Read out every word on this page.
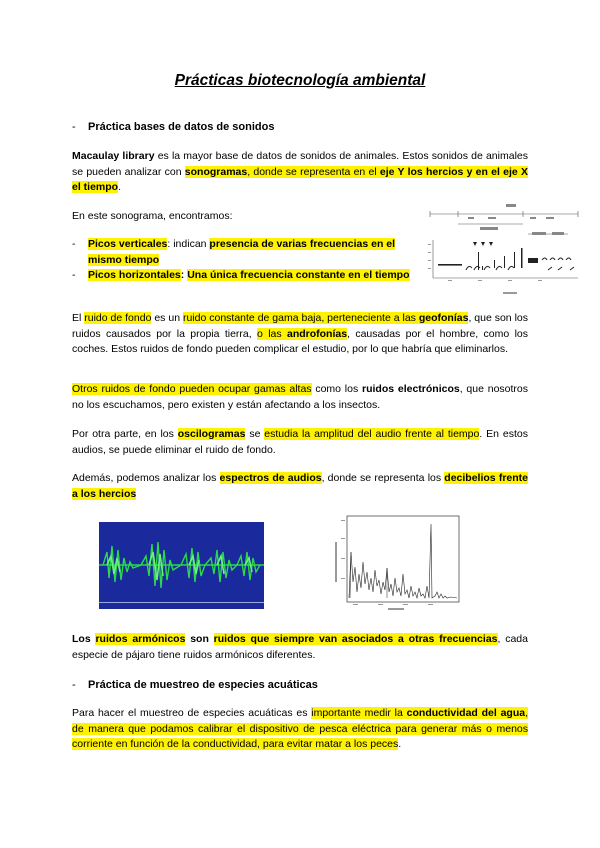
Prácticas biotecnología ambiental
- Práctica bases de datos de sonidos
Macaulay library es la mayor base de datos de sonidos de animales. Estos sonidos de animales se pueden analizar con sonogramas, donde se representa en el eje Y los hercios y en el eje X el tiempo.
En este sonograma, encontramos:
- Picos verticales: indican presencia de varias frecuencias en el mismo tiempo
- Picos horizontales: Una única frecuencia constante en el tiempo
El ruido de fondo es un ruido constante de gama baja, perteneciente a las geofonías, que son los ruidos causados por la propia tierra, o las androfonías, causadas por el hombre, como los coches. Estos ruidos de fondo pueden complicar el estudio, por lo que habría que eliminarlos.
Otros ruidos de fondo pueden ocupar gamas altas como los ruidos electrónicos, que nosotros no los escuchamos, pero existen y están afectando a los insectos.
Por otra parte, en los oscilogramas se estudia la amplitud del audio frente al tiempo. En estos audios, se puede eliminar el ruido de fondo.
Además, podemos analizar los espectros de audios, donde se representa los decibelios frente a los hercios
Los ruidos armónicos son ruidos que siempre van asociados a otras frecuencias, cada especie de pájaro tiene ruidos armónicos diferentes.
- Práctica de muestreo de especies acuáticas
Para hacer el muestreo de especies acuáticas es importante medir la conductividad del agua, de manera que podamos calibrar el dispositivo de pesca eléctrica para generar más o menos corriente en función de la conductividad, para evitar matar a los peces.
